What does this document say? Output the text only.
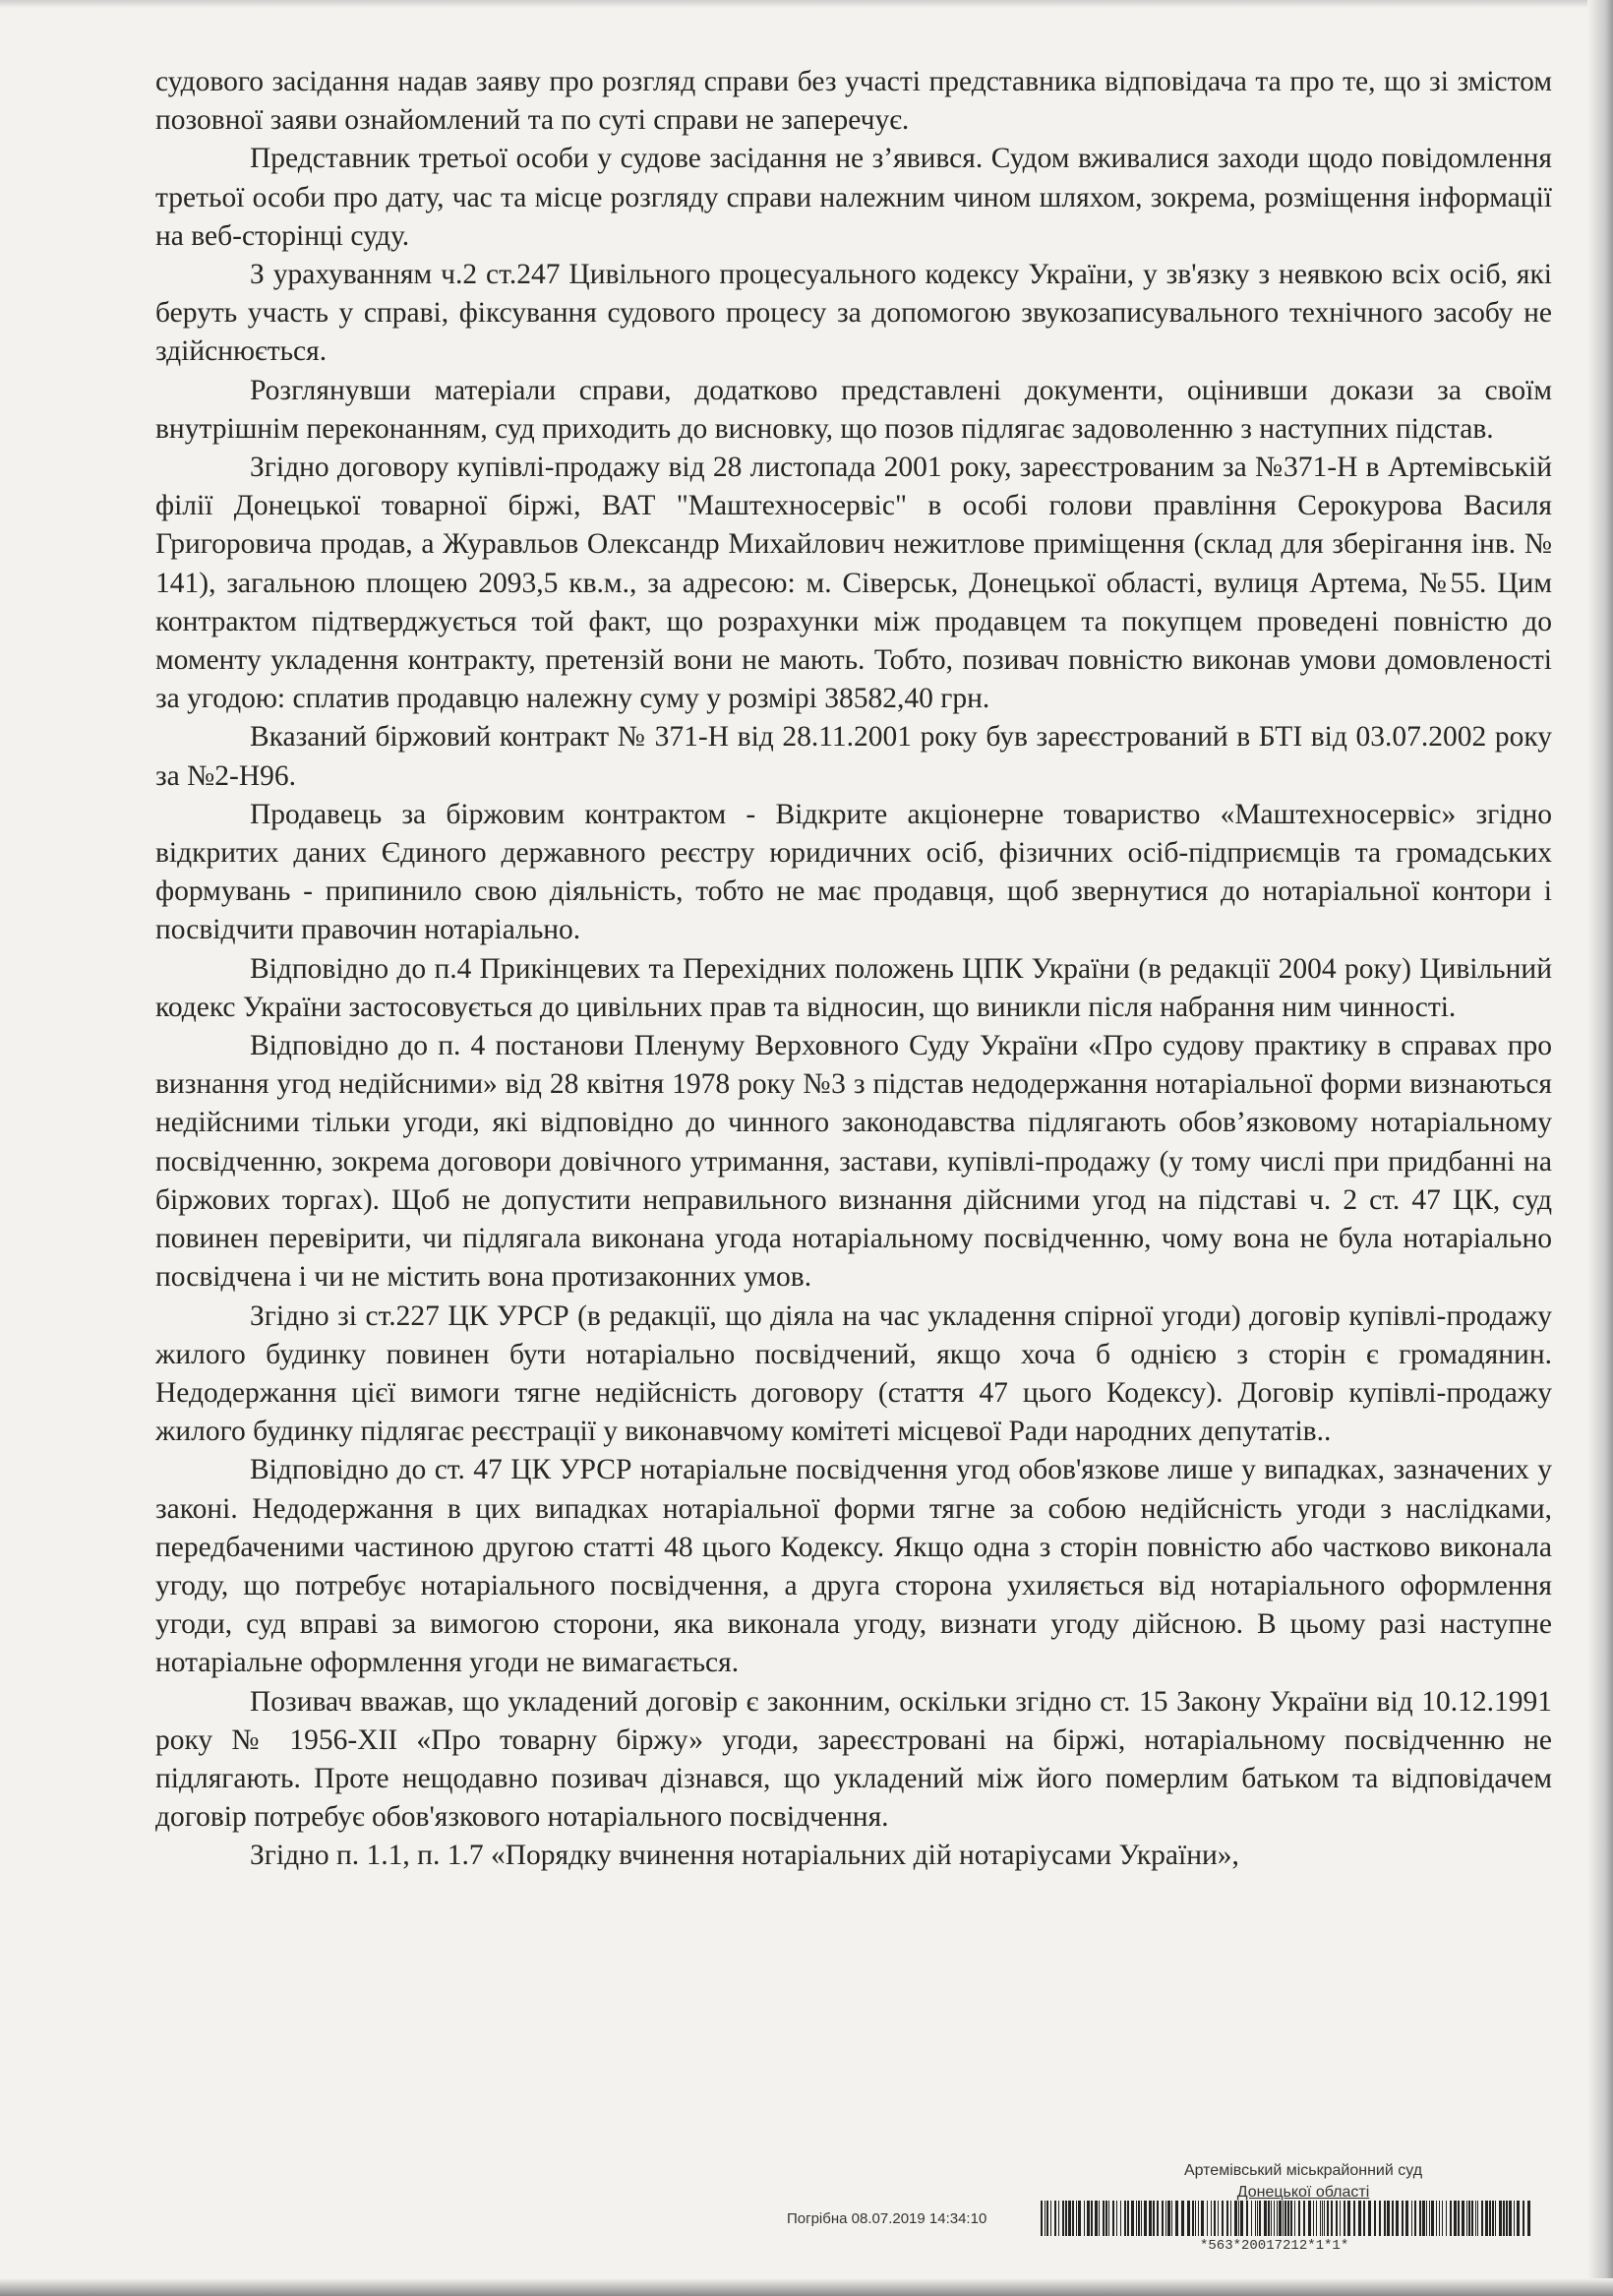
судового засідання надав заяву про розгляд справи без участі представника відповідача та про те, що зі змістом позовної заяви ознайомлений та по суті справи не заперечує.

Представник третьої особи у судове засідання не з’явився. Судом вживалися заходи щодо повідомлення третьої особи про дату, час та місце розгляду справи належним чином шляхом, зокрема, розміщення інформації на веб-сторінці суду.

З урахуванням ч.2 ст.247 Цивільного процесуального кодексу України, у зв'язку з неявкою всіх осіб, які беруть участь у справі, фіксування судового процесу за допомогою звукозаписувального технічного засобу не здійснюється.

Розглянувши матеріали справи, додатково представлені документи, оцінивши докази за своїм внутрішнім переконанням, суд приходить до висновку, що позов підлягає задоволенню з наступних підстав.

Згідно договору купівлі-продажу від 28 листопада 2001 року, зареєстрованим за №371-Н в Артемівській філії Донецької товарної біржі, ВАТ "Маштехносервіс" в особі голови правління Серокурова Василя Григоровича продав, а Журавльов Олександр Михайлович нежитлове приміщення (склад для зберігання інв. № 141), загальною площею 2093,5 кв.м., за адресою: м. Сіверськ, Донецької області, вулиця Артема, №55. Цим контрактом підтверджується той факт, що розрахунки між продавцем та покупцем проведені повністю до моменту укладення контракту, претензій вони не мають. Тобто, позивач повністю виконав умови домовленості за угодою: сплатив продавцю належну суму у розмірі 38582,40 грн.

Вказаний біржовий контракт № 371-Н від 28.11.2001 року був зареєстрований в БТІ від 03.07.2002 року за №2-Н96.

Продавець за біржовим контрактом - Відкрите акціонерне товариство «Маштехносервіс» згідно відкритих даних Єдиного державного реєстру юридичних осіб, фізичних осіб-підприємців та громадських формувань - припинило свою діяльність, тобто не має продавця, щоб звернутися до нотаріальної контори і посвідчити правочин нотаріально.

Відповідно до п.4 Прикінцевих та Перехідних положень ЦПК України (в редакції 2004 року) Цивільний кодекс України застосовується до цивільних прав та відносин, що виникли після набрання ним чинності.

Відповідно до п. 4 постанови Пленуму Верховного Суду України «Про судову практику в справах про визнання угод недійсними» від 28 квітня 1978 року №3 з підстав недодержання нотаріальної форми визнаються недійсними тільки угоди, які відповідно до чинного законодавства підлягають обов’язковому нотаріальному посвідченню, зокрема договори довічного утримання, застави, купівлі-продажу (у тому числі при придбанні на біржових торгах). Щоб не допустити неправильного визнання дійсними угод на підставі ч. 2 ст. 47 ЦК, суд повинен перевірити, чи підлягала виконана угода нотаріальному посвідченню, чому вона не була нотаріально посвідчена і чи не містить вона протизаконних умов.

Згідно зі ст.227 ЦК УРСР (в редакції, що діяла на час укладення спірної угоди) договір купівлі-продажу жилого будинку повинен бути нотаріально посвідчений, якщо хоча б однією з сторін є громадянин. Недодержання цієї вимоги тягне недійсність договору (стаття 47 цього Кодексу). Договір купівлі-продажу жилого будинку підлягає реєстрації у виконавчому комітеті місцевої Ради народних депутатів..

Відповідно до ст. 47 ЦК УРСР нотаріальне посвідчення угод обов'язкове лише у випадках, зазначених у законі. Недодержання в цих випадках нотаріальної форми тягне за собою недійсність угоди з наслідками, передбаченими частиною другою статті 48 цього Кодексу. Якщо одна з сторін повністю або частково виконала угоду, що потребує нотаріального посвідчення, а друга сторона ухиляється від нотаріального оформлення угоди, суд вправі за вимогою сторони, яка виконала угоду, визнати угоду дійсною. В цьому разі наступне нотаріальне оформлення угоди не вимагається.

Позивач вважав, що укладений договір є законним, оскільки згідно ст. 15 Закону України від 10.12.1991 року № 1956-XII «Про товарну біржу» угоди, зареєстровані на біржі, нотаріальному посвідченню не підлягають. Проте нещодавно позивач дізнався, що укладений між його померлим батьком та відповідачем договір потребує обов'язкового нотаріального посвідчення.

Згідно п. 1.1, п. 1.7 «Порядку вчинення нотаріальних дій нотаріусами України»,

Артемівський міськрайонний суд
Донецької області
Погрібна 08.07.2019 14:34:10
*563*20017212*1*1*
